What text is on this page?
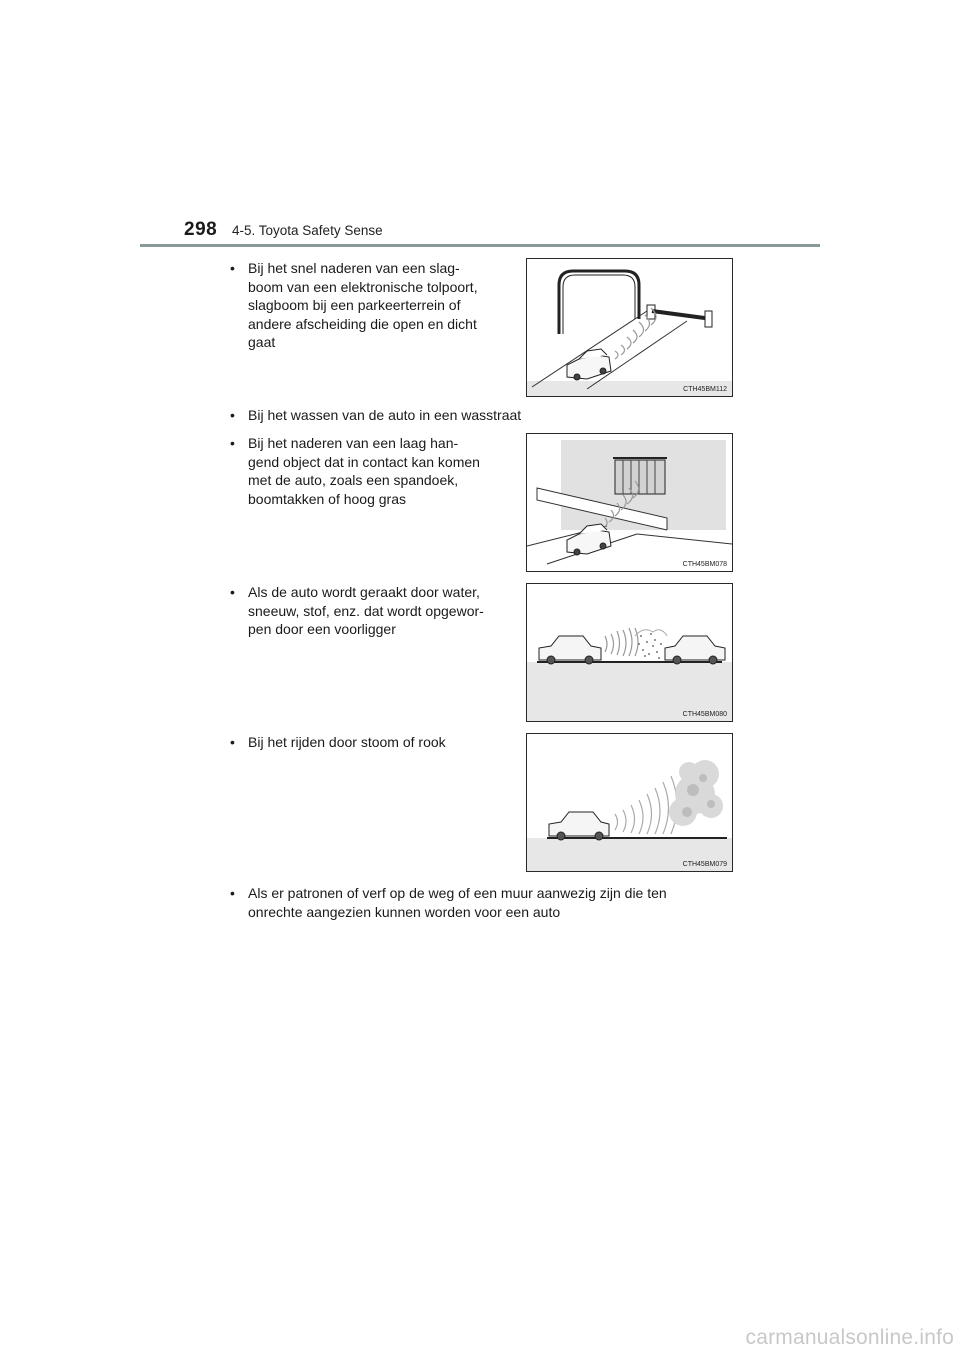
298 4-5. Toyota Safety Sense
• Bij het snel naderen van een slag-
boom van een elektronische tolpoort,
slagboom bij een parkeerterrein of
andere afscheiding die open en dicht
gaat
CTH45BM112
• Bij het wassen van de auto in een wasstraat
• Bij het naderen van een laag han-
gend object dat in contact kan komen
met de auto, zoals een spandoek,
boomtakken of hoog gras
CTH45BM078
• Als de auto wordt geraakt door water,
sneeuw, stof, enz. dat wordt opgewor-
pen door een voorligger
CTH45BM080
• Bij het rijden door stoom of rook
CTH45BM079
• Als er patronen of verf op de weg of een muur aanwezig zijn die ten
onrechte aangezien kunnen worden voor een auto
carmanualsonline.info
